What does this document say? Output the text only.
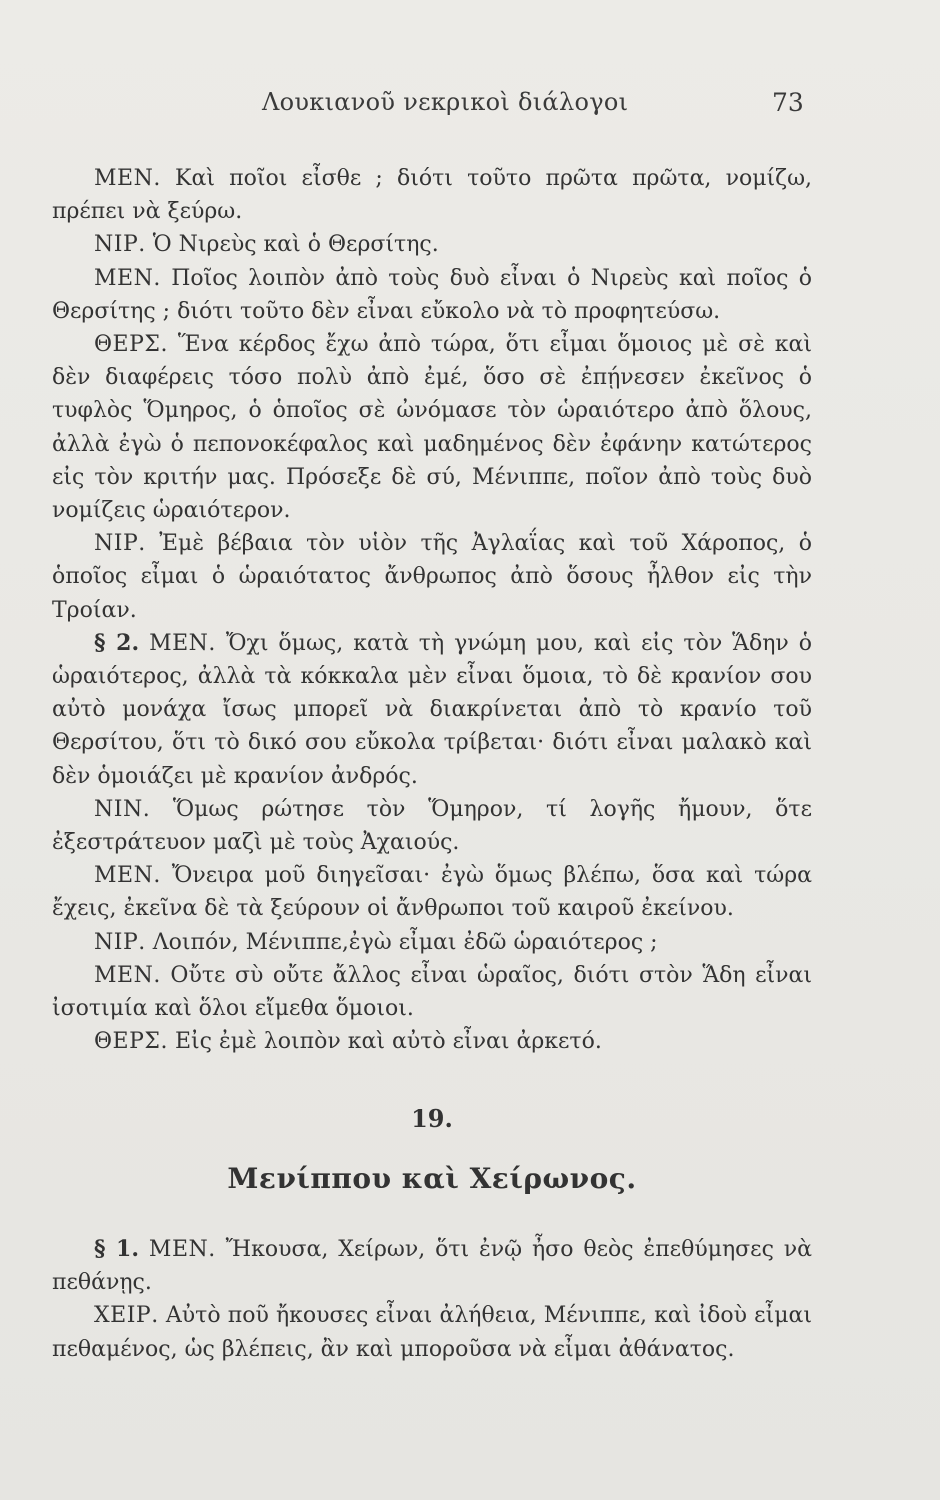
Λουκιανοῦ νεκρικοὶ διάλογοι	73

ΜΕΝ. Καὶ ποῖοι εἶσθε ; διότι τοῦτο πρῶτα πρῶτα, νομίζω, πρέπει νὰ ξεύρω.

ΝΙΡ. Ὁ Νιρεὺς καὶ ὁ Θερσίτης.

ΜΕΝ. Ποῖος λοιπὸν ἀπὸ τοὺς δυὸ εἶναι ὁ Νιρεὺς καὶ ποῖος ὁ Θερσίτης ; διότι τοῦτο δὲν εἶναι εὔκολο νὰ τὸ προφητεύσω.

ΘΕΡΣ. Ἕνα κέρδος ἔχω ἀπὸ τώρα, ὅτι εἶμαι ὅμοιος μὲ σὲ καὶ δὲν διαφέρεις τόσο πολὺ ἀπὸ ἐμέ, ὅσο σὲ ἐπῄνεσεν ἐκεῖνος ὁ τυφλὸς Ὅμηρος, ὁ ὁποῖος σὲ ὠνόμασε τὸν ὡραιότερο ἀπὸ ὅλους, ἀλλὰ ἐγὼ ὁ πεπονοκέφαλος καὶ μαδημένος δὲν ἐφάνην κατώτερος εἰς τὸν κριτήν μας. Πρόσεξε δὲ σύ, Μένιππε, ποῖον ἀπὸ τοὺς δυὸ νομίζεις ὡραιότερον.

ΝΙΡ. Ἐμὲ βέβαια τὸν υἱὸν τῆς Ἀγλαΐας καὶ τοῦ Χάροπος, ὁ ὁποῖος εἶμαι ὁ ὡραιότατος ἄνθρωπος ἀπὸ ὅσους ἦλθον εἰς τὴν Τροίαν.

§ 2. ΜΕΝ. Ὄχι ὅμως, κατὰ τὴ γνώμη μου, καὶ εἰς τὸν Ἅδην ὁ ὡραιότερος, ἀλλὰ τὰ κόκκαλα μὲν εἶναι ὅμοια, τὸ δὲ κρανίον σου αὐτὸ μονάχα ἴσως μπορεῖ νὰ διακρίνεται ἀπὸ τὸ κρανίο τοῦ Θερσίτου, ὅτι τὸ δικό σου εὔκολα τρίβεται· διότι εἶναι μαλακὸ καὶ δὲν ὁμοιάζει μὲ κρανίον ἀνδρός.

ΝΙΝ. Ὅμως ρώτησε τὸν Ὅμηρον, τί λογῆς ἤμουν, ὅτε ἐξεστράτευον μαζὶ μὲ τοὺς Ἀχαιούς.

ΜΕΝ. Ὄνειρα μοῦ διηγεῖσαι· ἐγὼ ὅμως βλέπω, ὅσα καὶ τώρα ἔχεις, ἐκεῖνα δὲ τὰ ξεύρουν οἱ ἄνθρωποι τοῦ καιροῦ ἐκείνου.

ΝΙΡ. Λοιπόν, Μένιππε,ἐγὼ εἶμαι ἐδῶ ὡραιότερος ;

ΜΕΝ. Οὔτε σὺ οὔτε ἄλλος εἶναι ὡραῖος, διότι στὸν Ἅδη εἶναι ἰσοτιμία καὶ ὅλοι εἴμεθα ὅμοιοι.

ΘΕΡΣ. Εἰς ἐμὲ λοιπὸν καὶ αὐτὸ εἶναι ἀρκετό.

19.

Μενίππου καὶ Χείρωνος.

§ 1. ΜΕΝ. Ἤκουσα, Χείρων, ὅτι ἐνῷ ἦσο θεὸς ἐπεθύμησες νὰ πεθάνῃς.

ΧΕΙΡ. Αὐτὸ ποῦ ἤκουσες εἶναι ἀλήθεια, Μένιππε, καὶ ἰδοὺ εἶμαι πεθαμένος, ὡς βλέπεις, ἂν καὶ μποροῦσα νὰ εἶμαι ἀθάνατος.
